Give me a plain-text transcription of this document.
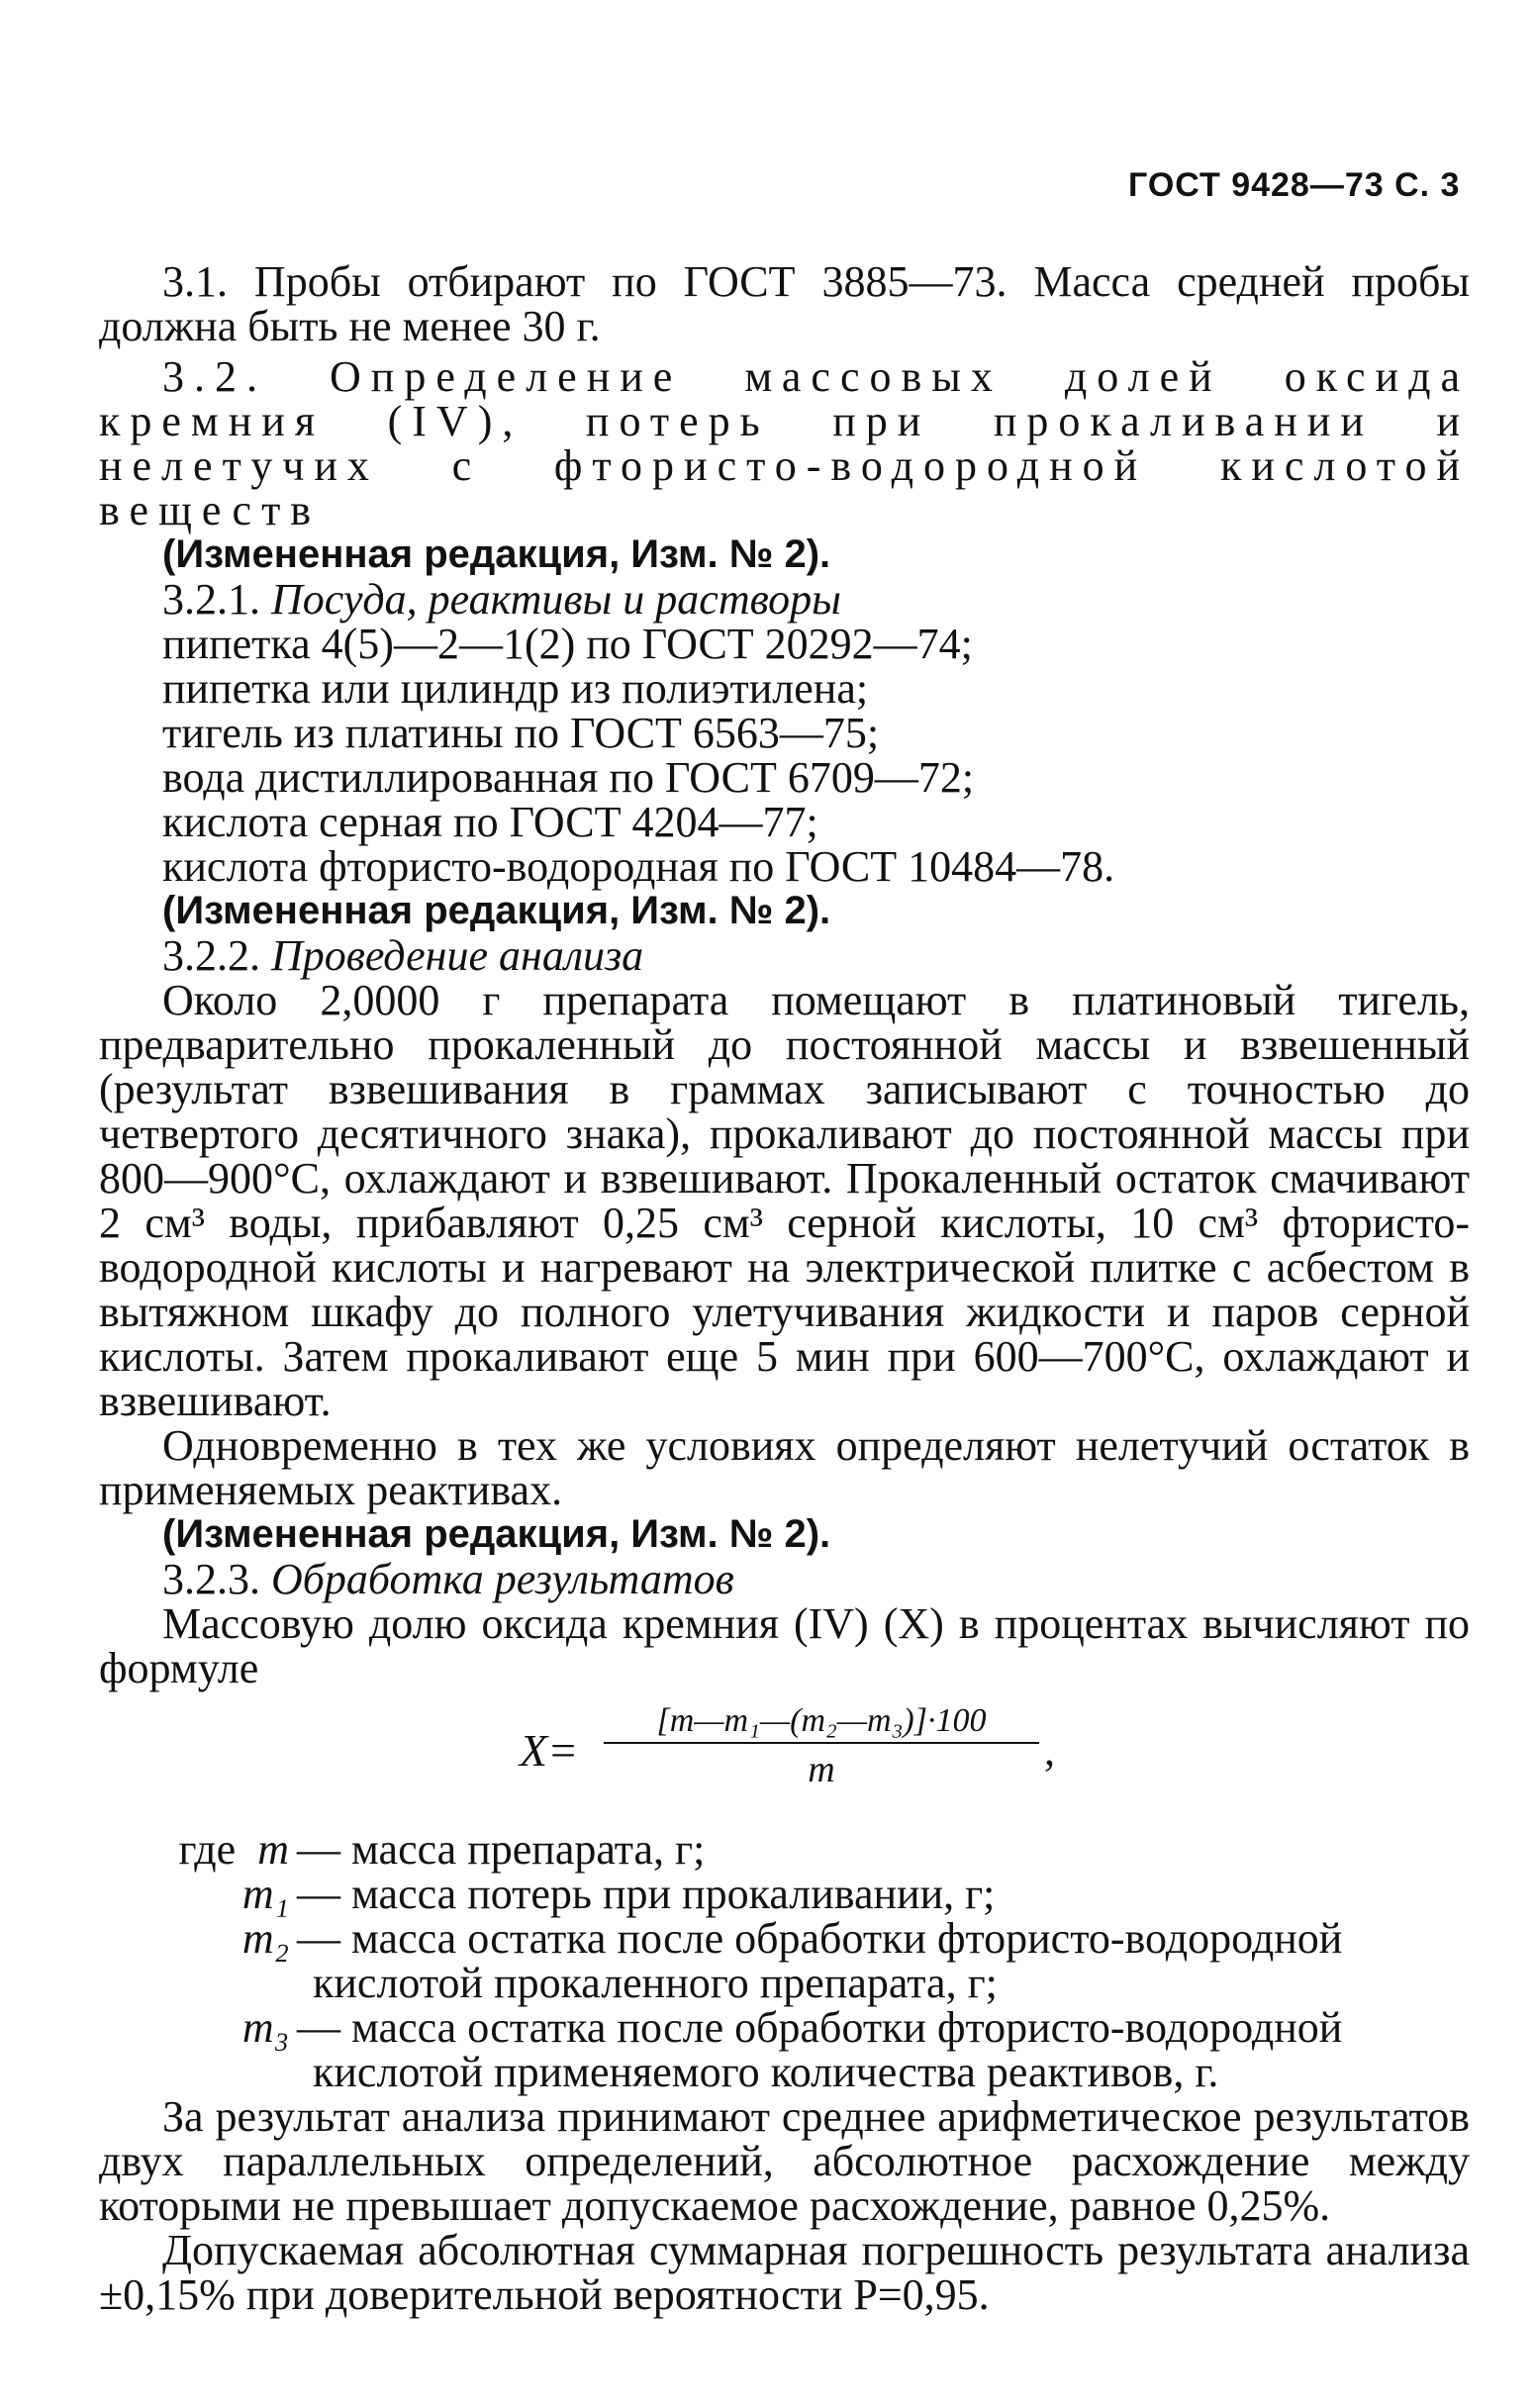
ГОСТ 9428—73 С. 3

3.1. Пробы отбирают по ГОСТ 3885—73. Масса средней пробы должна быть не менее 30 г.

3.2. Определение массовых долей оксида кремния (IV), потерь при прокаливании и нелетучих с фтористо-водородной кислотой веществ

(Измененная редакция, Изм. № 2).

3.2.1. Посуда, реактивы и растворы

пипетка 4(5)—2—1(2) по ГОСТ 20292—74;

пипетка или цилиндр из полиэтилена;

тигель из платины по ГОСТ 6563—75;

вода дистиллированная по ГОСТ 6709—72;

кислота серная по ГОСТ 4204—77;

кислота фтористо-водородная по ГОСТ 10484—78.

(Измененная редакция, Изм. № 2).

3.2.2. Проведение анализа

Около 2,0000 г препарата помещают в платиновый тигель, предварительно прокаленный до постоянной массы и взвешенный (результат взвешивания в граммах записывают с точностью до четвертого десятичного знака), прокаливают до постоянной массы при 800—900°С, охлаждают и взвешивают. Прокаленный остаток смачивают 2 см³ воды, прибавляют 0,25 см³ серной кислоты, 10 см³ фтористо-водородной кислоты и нагревают на электрической плитке с асбестом в вытяжном шкафу до полного улетучивания жидкости и паров серной кислоты. Затем прокаливают еще 5 мин при 600—700°С, охлаждают и взвешивают.

Одновременно в тех же условиях определяют нелетучий остаток в применяемых реактивах.

(Измененная редакция, Изм. № 2).

3.2.3. Обработка результатов

Массовую долю оксида кремния (IV) (X) в процентах вычисляют по формуле

X=
[m—m₁—(m₂—m₃)]·100
m	,
где m — масса препарата, г;
m₁ — масса потерь при прокаливании, г;
m₂ — масса остатка после обработки фтористо-водородной

кислотой прокаленного препарата, г;

m₃ — масса остатка после обработки фтористо-водородной

кислотой применяемого количества реактивов, г.

За результат анализа принимают среднее арифметическое результатов двух параллельных определений, абсолютное расхождение между которыми не превышает допускаемое расхождение, равное 0,25%.

Допускаемая абсолютная суммарная погрешность результата анализа ±0,15% при доверительной вероятности P=0,95.
